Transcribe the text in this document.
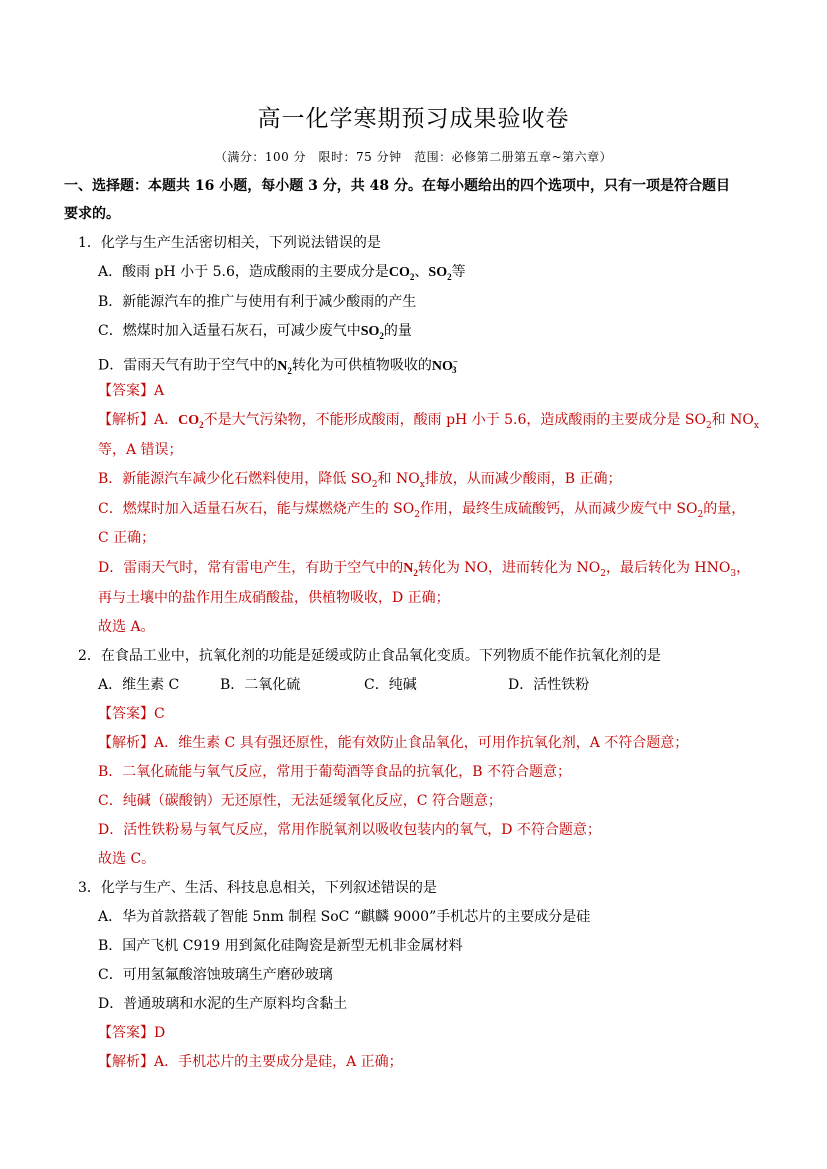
高一化学寒期预习成果验收卷
（满分：100 分　限时：75 分钟　范围：必修第二册第五章~第六章）
一、选择题：本题共 16 小题，每小题 3 分，共 48 分。在每小题给出的四个选项中，只有一项是符合题目
要求的。
1．化学与生产生活密切相关，下列说法错误的是
A．酸雨 pH 小于 5.6，造成酸雨的主要成分是$CO_2$、$SO_2$等
B．新能源汽车的推广与使用有利于减少酸雨的产生
C．燃煤时加入适量石灰石，可减少废气中$SO_2$的量
D．雷雨天气有助于空气中的$N_2$转化为可供植物吸收的$NO^-_3$
【答案】A
【解析】A．$CO_2$不是大气污染物，不能形成酸雨，酸雨 pH 小于 5.6，造成酸雨的主要成分是 $SO_2$和 $NO_x$
等，A 错误；
B．新能源汽车减少化石燃料使用，降低 $SO_2$和 $NO_x$排放，从而减少酸雨，B 正确；
C．燃煤时加入适量石灰石，能与煤燃烧产生的 $SO_2$作用，最终生成硫酸钙，从而减少废气中 $SO_2$的量，
C 正确；
D．雷雨天气时，常有雷电产生，有助于空气中的$N_2$转化为 NO，进而转化为 $NO_2$，最后转化为 $HNO_3$，
再与土壤中的盐作用生成硝酸盐，供植物吸收，D 正确；
故选 A。
2．在食品工业中，抗氧化剂的功能是延缓或防止食品氧化变质。下列物质不能作抗氧化剂的是
A．维生素 C	B．二氧化硫	C．纯碱	D．活性铁粉
【答案】C
【解析】A．维生素 C 具有强还原性，能有效防止食品氧化，可用作抗氧化剂，A 不符合题意；
B．二氧化硫能与氧气反应，常用于葡萄酒等食品的抗氧化，B 不符合题意；
C．纯碱（碳酸钠）无还原性，无法延缓氧化反应，C 符合题意；
D．活性铁粉易与氧气反应，常用作脱氧剂以吸收包装内的氧气，D 不符合题意；
故选 C。
3．化学与生产、生活、科技息息相关，下列叙述错误的是
A．华为首款搭载了智能 5nm 制程 SoC “麒麟 9000”手机芯片的主要成分是硅
B．国产飞机 C919 用到氮化硅陶瓷是新型无机非金属材料
C．可用氢氟酸溶蚀玻璃生产磨砂玻璃
D．普通玻璃和水泥的生产原料均含黏土
【答案】D
【解析】A．手机芯片的主要成分是硅，A 正确；
